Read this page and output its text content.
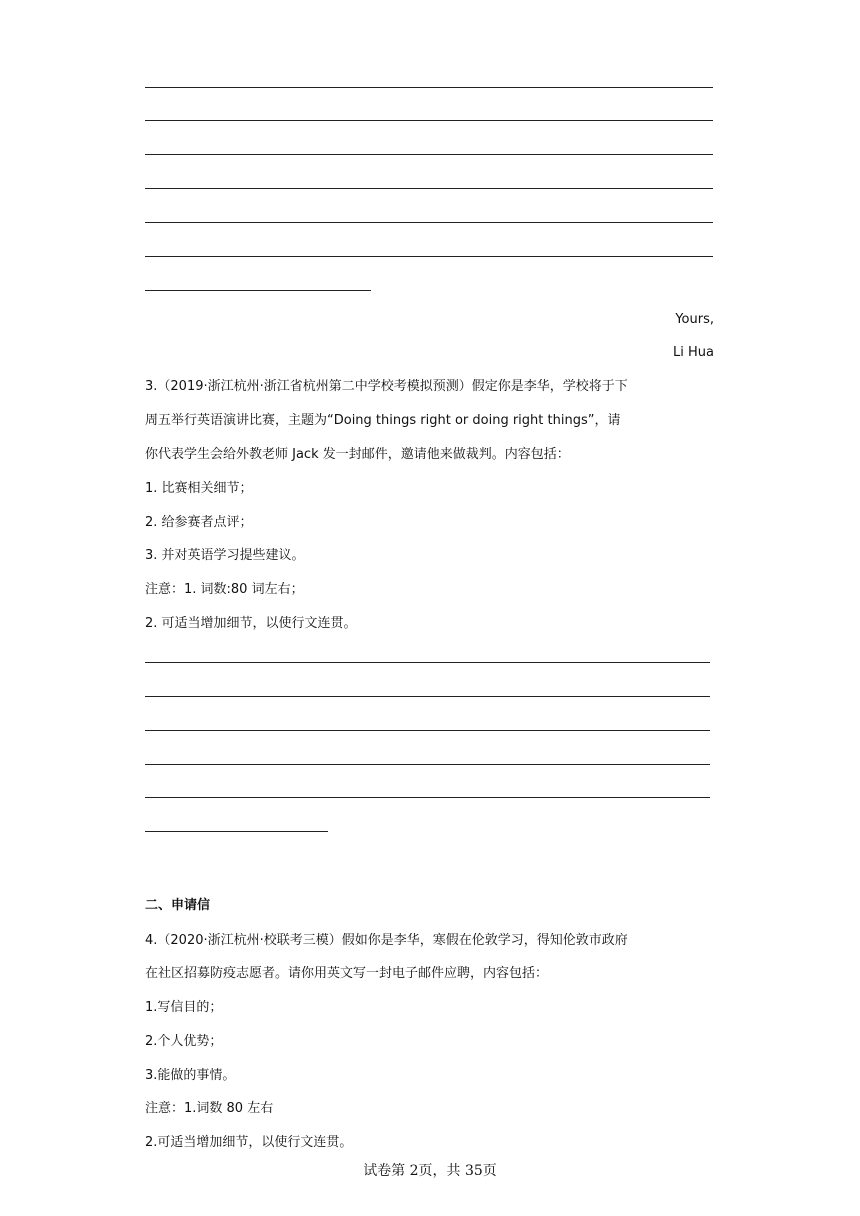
Yours,
Li Hua
3.（2019·浙江杭州·浙江省杭州第二中学校考模拟预测）假定你是李华，学校将于下
周五举行英语演讲比赛，主题为“Doing things right or doing right things”，请
你代表学生会给外教老师 Jack 发一封邮件，邀请他来做裁判。内容包括：
1. 比赛相关细节；
2. 给参赛者点评；
3. 并对英语学习提些建议。
注意：1. 词数:80 词左右；
2. 可适当增加细节，以使行文连贯。
二、申请信
4.（2020·浙江杭州·校联考三模）假如你是李华，寒假在伦敦学习，得知伦敦市政府
在社区招募防疫志愿者。请你用英文写一封电子邮件应聘，内容包括：
1.写信目的；
2.个人优势；
3.能做的事情。
注意：1.词数 80 左右
2.可适当增加细节，以使行文连贯。
试卷第 2页，共 35页
